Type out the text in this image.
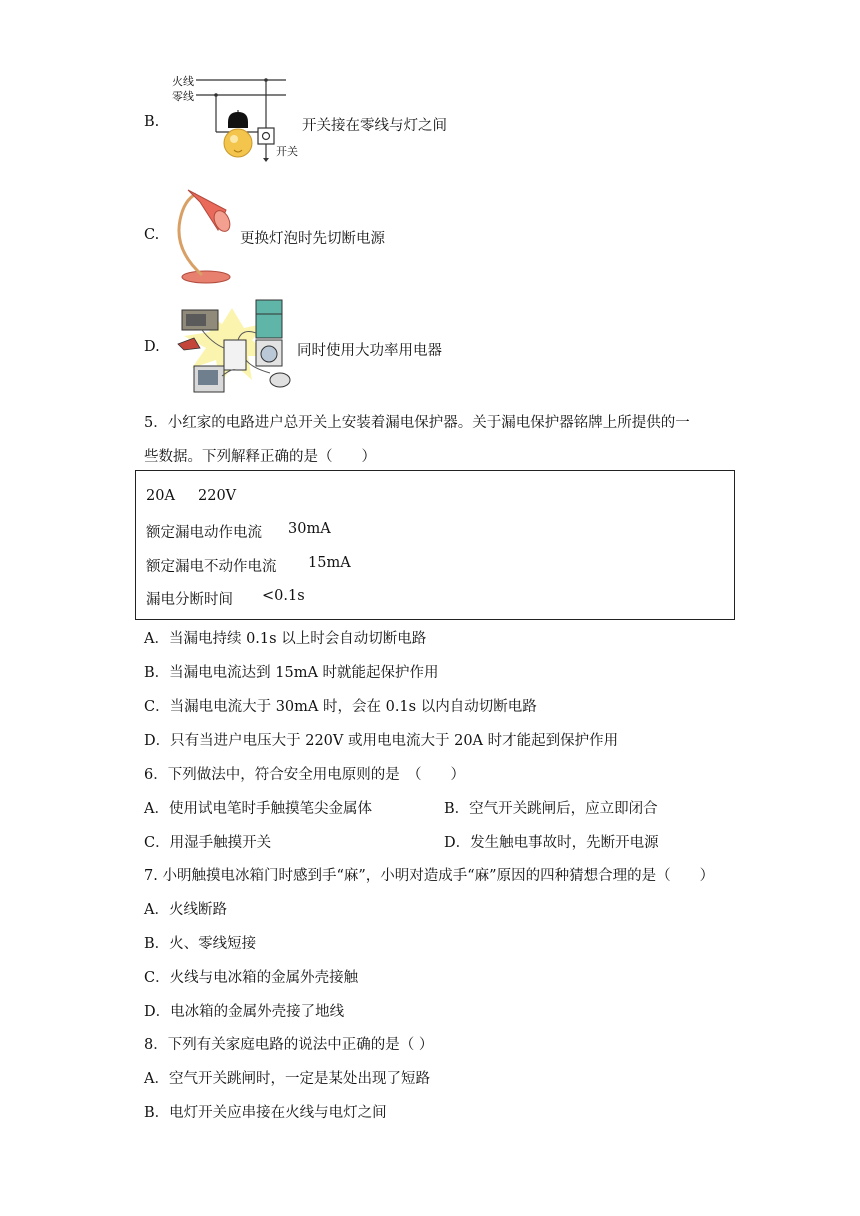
B.
火线
零线
开关
开关接在零线与灯之间
C.	更换灯泡时先切断电源
D.	同时使用大功率用电器
5．小红家的电路进户总开关上安装着漏电保护器。关于漏电保护器铭牌上所提供的一
些数据。下列解释正确的是（　　）
20A 220V
额定漏电动作电流 30mA
额定漏电不动作电流 15mA
漏电分断时间 <0.1s
A．当漏电持续 0.1s 以上时会自动切断电路
B．当漏电电流达到 15mA 时就能起保护作用
C．当漏电电流大于 30mA 时，会在 0.1s 以内自动切断电路
D．只有当进户电压大于 220V 或用电电流大于 20A 时才能起到保护作用
6．下列做法中，符合安全用电原则的是　（　　）
A．使用试电笔时手触摸笔尖金属体	B．空气开关跳闸后，应立即闭合
C．用湿手触摸开关	D．发生触电事故时，先断开电源
7. 小明触摸电冰箱门时感到手“麻”，小明对造成手“麻”原因的四种猜想合理的是（　　）
A．火线断路
B．火、零线短接
C．火线与电冰箱的金属外壳接触
D．电冰箱的金属外壳接了地线
8．下列有关家庭电路的说法中正确的是（ ）
A．空气开关跳闸时，一定是某处出现了短路
B．电灯开关应串接在火线与电灯之间
